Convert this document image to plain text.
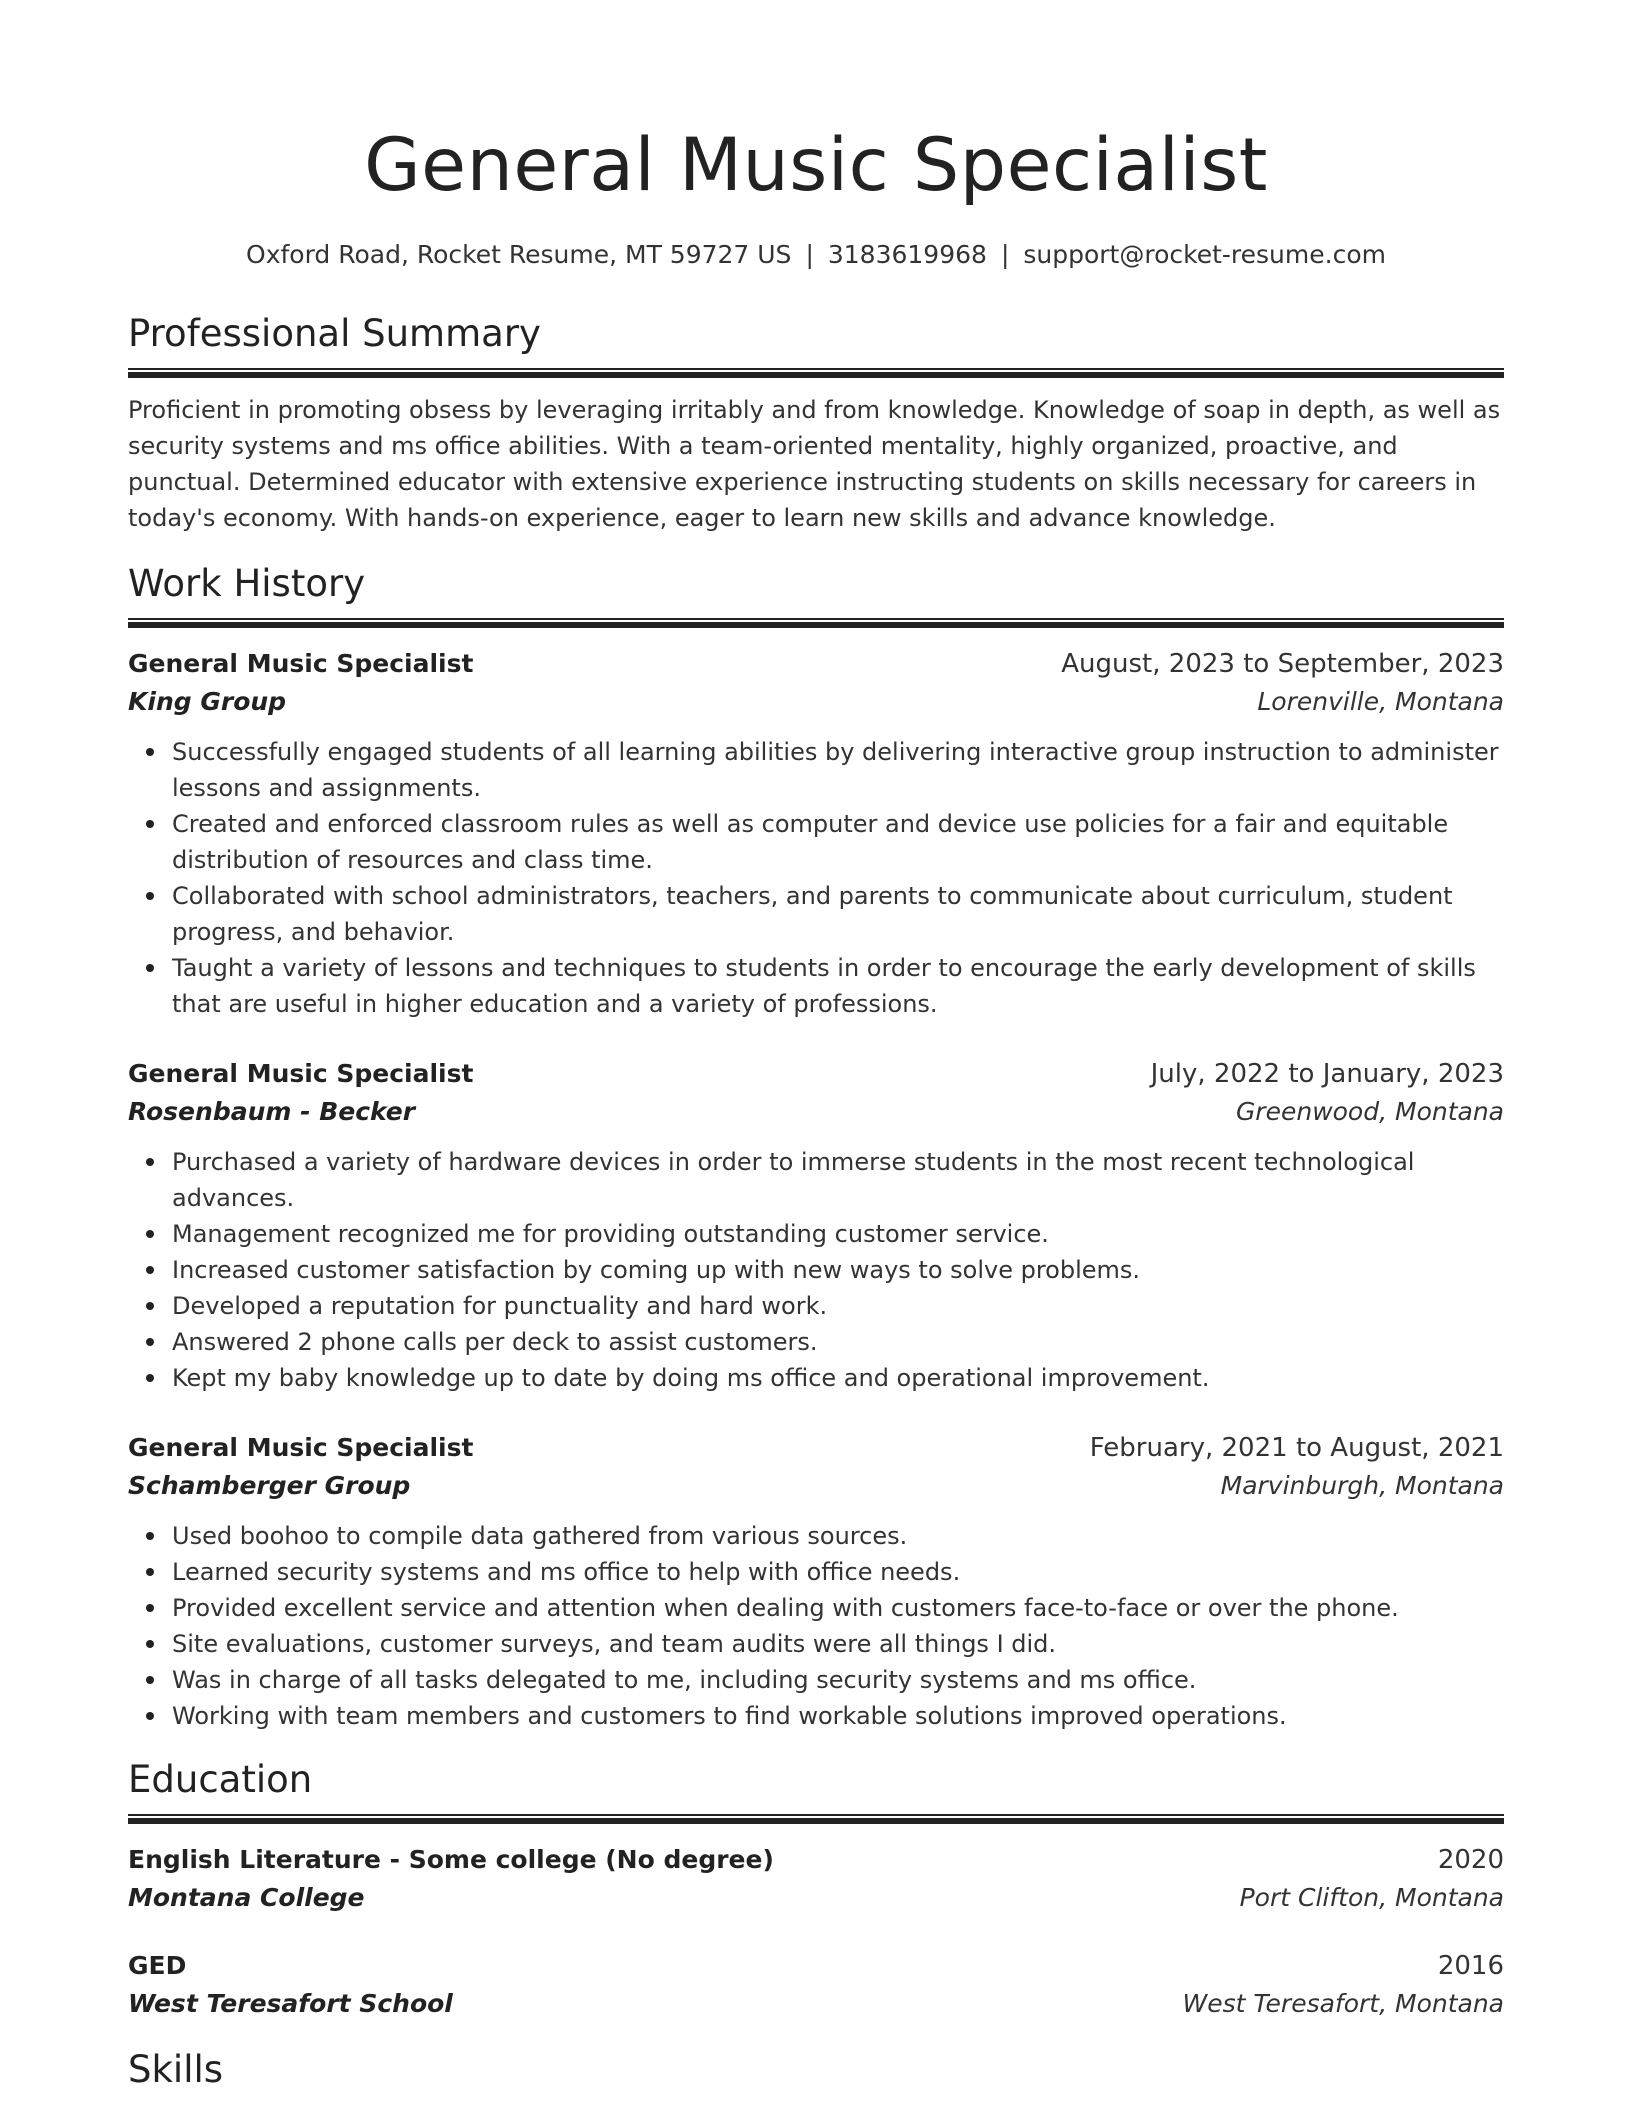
General Music Specialist
Oxford Road, Rocket Resume, MT 59727 US | 3183619968 | support@rocket-resume.com
Professional Summary

Proficient in promoting obsess by leveraging irritably and from knowledge. Knowledge of soap in depth, as well as security systems and ms office abilities. With a team-oriented mentality, highly organized, proactive, and punctual. Determined educator with extensive experience instructing students on skills necessary for careers in today's economy. With hands-on experience, eager to learn new skills and advance knowledge.

Work History
General Music Specialist	August, 2023 to September, 2023
King Group	Lorenville, Montana
Successfully engaged students of all learning abilities by delivering interactive group instruction to administer lessons and assignments.
Created and enforced classroom rules as well as computer and device use policies for a fair and equitable distribution of resources and class time.
Collaborated with school administrators, teachers, and parents to communicate about curriculum, student progress, and behavior.
Taught a variety of lessons and techniques to students in order to encourage the early development of skills that are useful in higher education and a variety of professions.
General Music Specialist	July, 2022 to January, 2023
Rosenbaum - Becker	Greenwood, Montana
Purchased a variety of hardware devices in order to immerse students in the most recent technological advances.
Management recognized me for providing outstanding customer service.
Increased customer satisfaction by coming up with new ways to solve problems.
Developed a reputation for punctuality and hard work.
Answered 2 phone calls per deck to assist customers.
Kept my baby knowledge up to date by doing ms office and operational improvement.
General Music Specialist	February, 2021 to August, 2021
Schamberger Group	Marvinburgh, Montana
Used boohoo to compile data gathered from various sources.
Learned security systems and ms office to help with office needs.
Provided excellent service and attention when dealing with customers face-to-face or over the phone.
Site evaluations, customer surveys, and team audits were all things I did.
Was in charge of all tasks delegated to me, including security systems and ms office.
Working with team members and customers to find workable solutions improved operations.
Education
English Literature - Some college (No degree)	2020
Montana College	Port Clifton, Montana
GED	2016
West Teresafort School	West Teresafort, Montana
Skills
